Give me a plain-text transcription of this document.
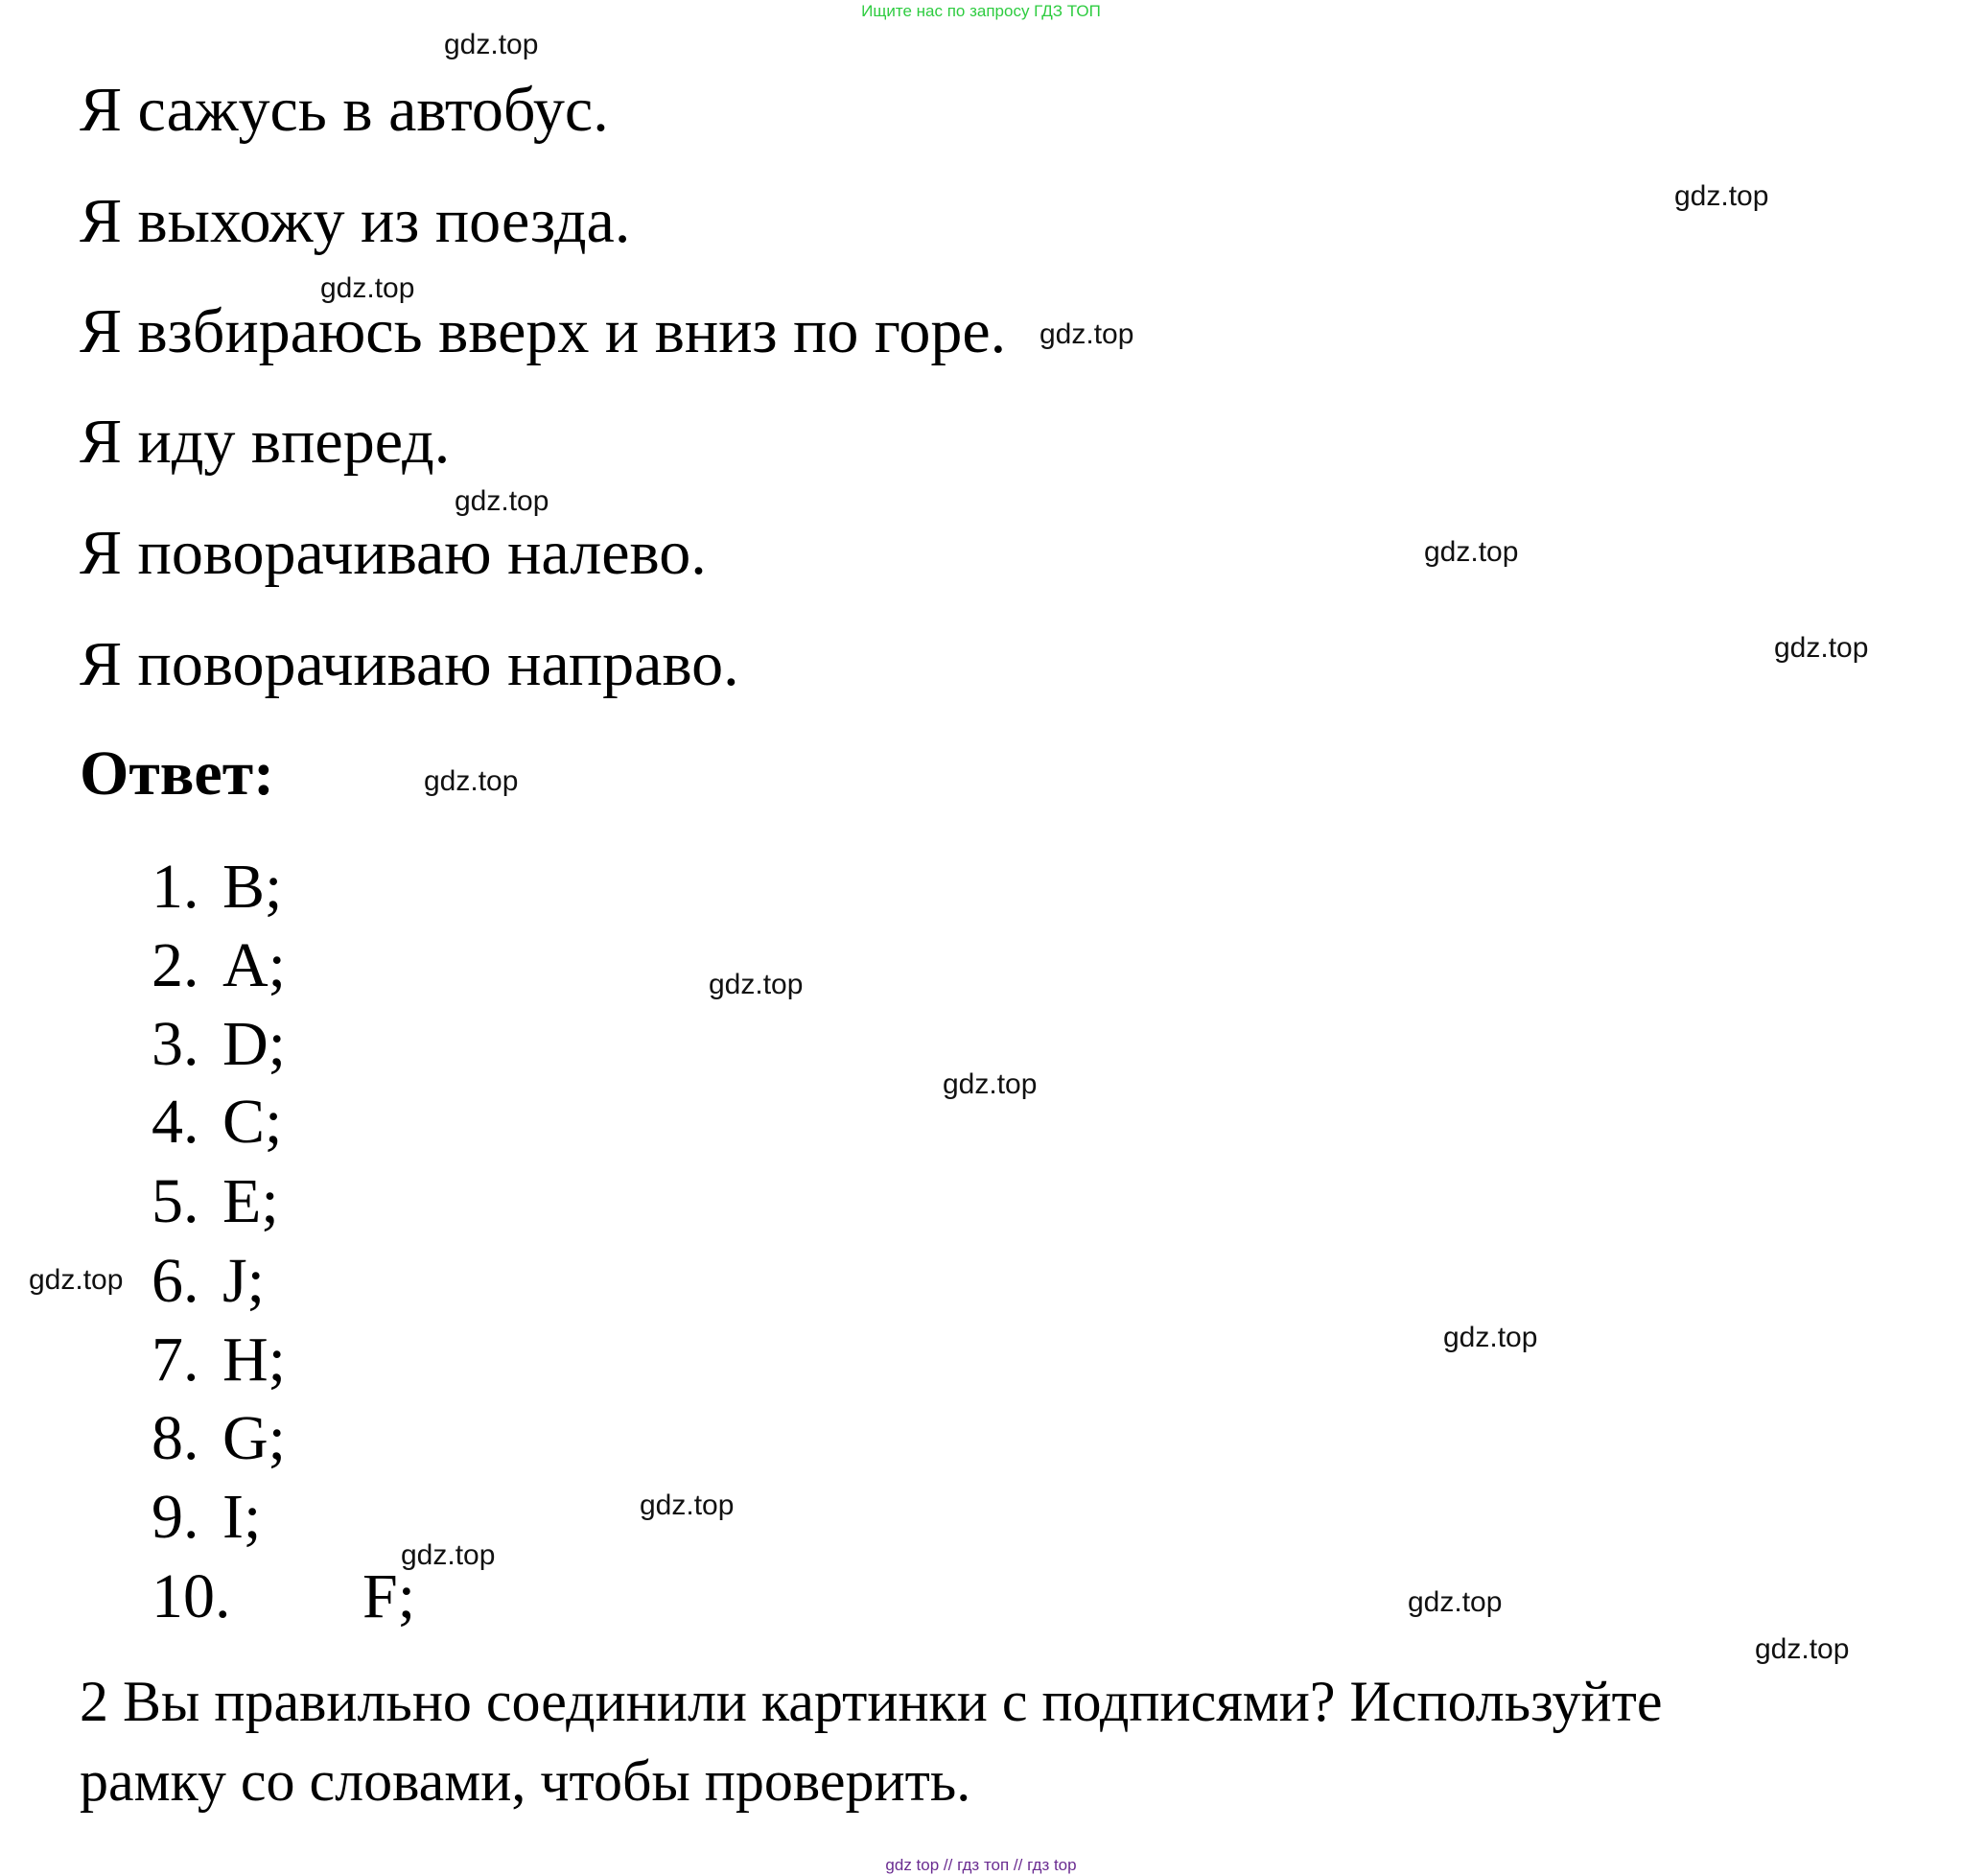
Ищите нас по запросу ГДЗ ТОП
Я сажусь в автобус.
Я выхожу из поезда.
Я взбираюсь вверх и вниз по горе.
Я иду вперед.
Я поворачиваю налево.
Я поворачиваю направо.
Ответ:
1. B;
2. A;
3. D;
4. C;
5. E;
6. J;
7. H;
8. G;
9. I;
10. F;
2 Вы правильно соединили картинки с подписями? Используйте
рамку со словами, чтобы проверить.
gdz.top
gdz.top
gdz.top
gdz.top
gdz.top
gdz.top
gdz.top
gdz.top
gdz.top
gdz.top
gdz.top
gdz.top
gdz.top
gdz.top
gdz.top
gdz.top
gdz top // гдз топ // гдз top
